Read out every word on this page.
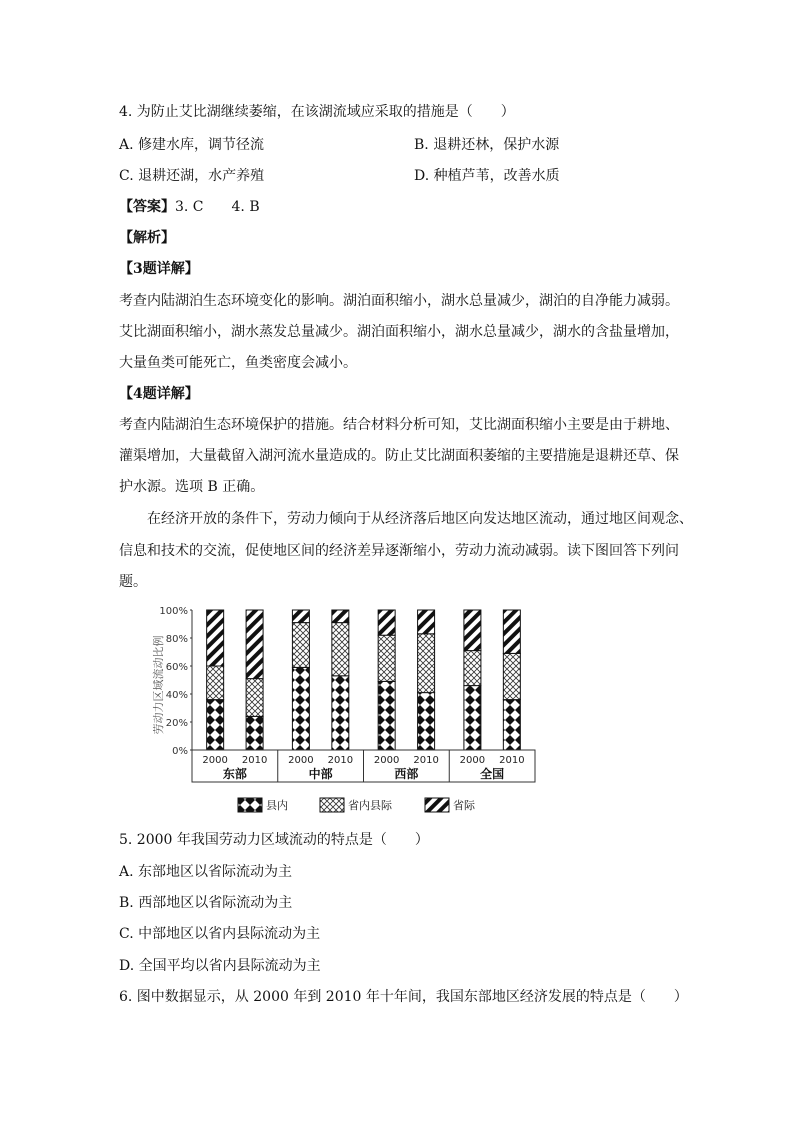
4. 为防止艾比湖继续萎缩，在该湖流域应采取的措施是（　　）
A. 修建水库，调节径流	B. 退耕还林，保护水源
C. 退耕还湖，水产养殖	D. 种植芦苇，改善水质
【答案】3. C　　4. B
【解析】
【3题详解】
考查内陆湖泊生态环境变化的影响。湖泊面积缩小，湖水总量减少，湖泊的自净能力减弱。
艾比湖面积缩小，湖水蒸发总量减少。湖泊面积缩小，湖水总量减少，湖水的含盐量增加，
大量鱼类可能死亡，鱼类密度会减小。
【4题详解】
考查内陆湖泊生态环境保护的措施。结合材料分析可知，艾比湖面积缩小主要是由于耕地、
灌渠增加，大量截留入湖河流水量造成的。防止艾比湖面积萎缩的主要措施是退耕还草、保
护水源。选项 B 正确。
　　在经济开放的条件下，劳动力倾向于从经济落后地区向发达地区流动，通过地区间观念、
信息和技术的交流，促使地区间的经济差异逐渐缩小，劳动力流动减弱。读下图回答下列问
题。
劳动力区域流动比例
0%
20%
40%
60%
80%
100%
2000 2010
东部
2000 2010
中部
2000 2010
西部
2000 2010
全国
县内	省内县际	省际
5. 2000 年我国劳动力区域流动的特点是（　　）
A. 东部地区以省际流动为主
B. 西部地区以省际流动为主
C. 中部地区以省内县际流动为主
D. 全国平均以省内县际流动为主
6. 图中数据显示，从 2000 年到 2010 年十年间，我国东部地区经济发展的特点是（　　）
